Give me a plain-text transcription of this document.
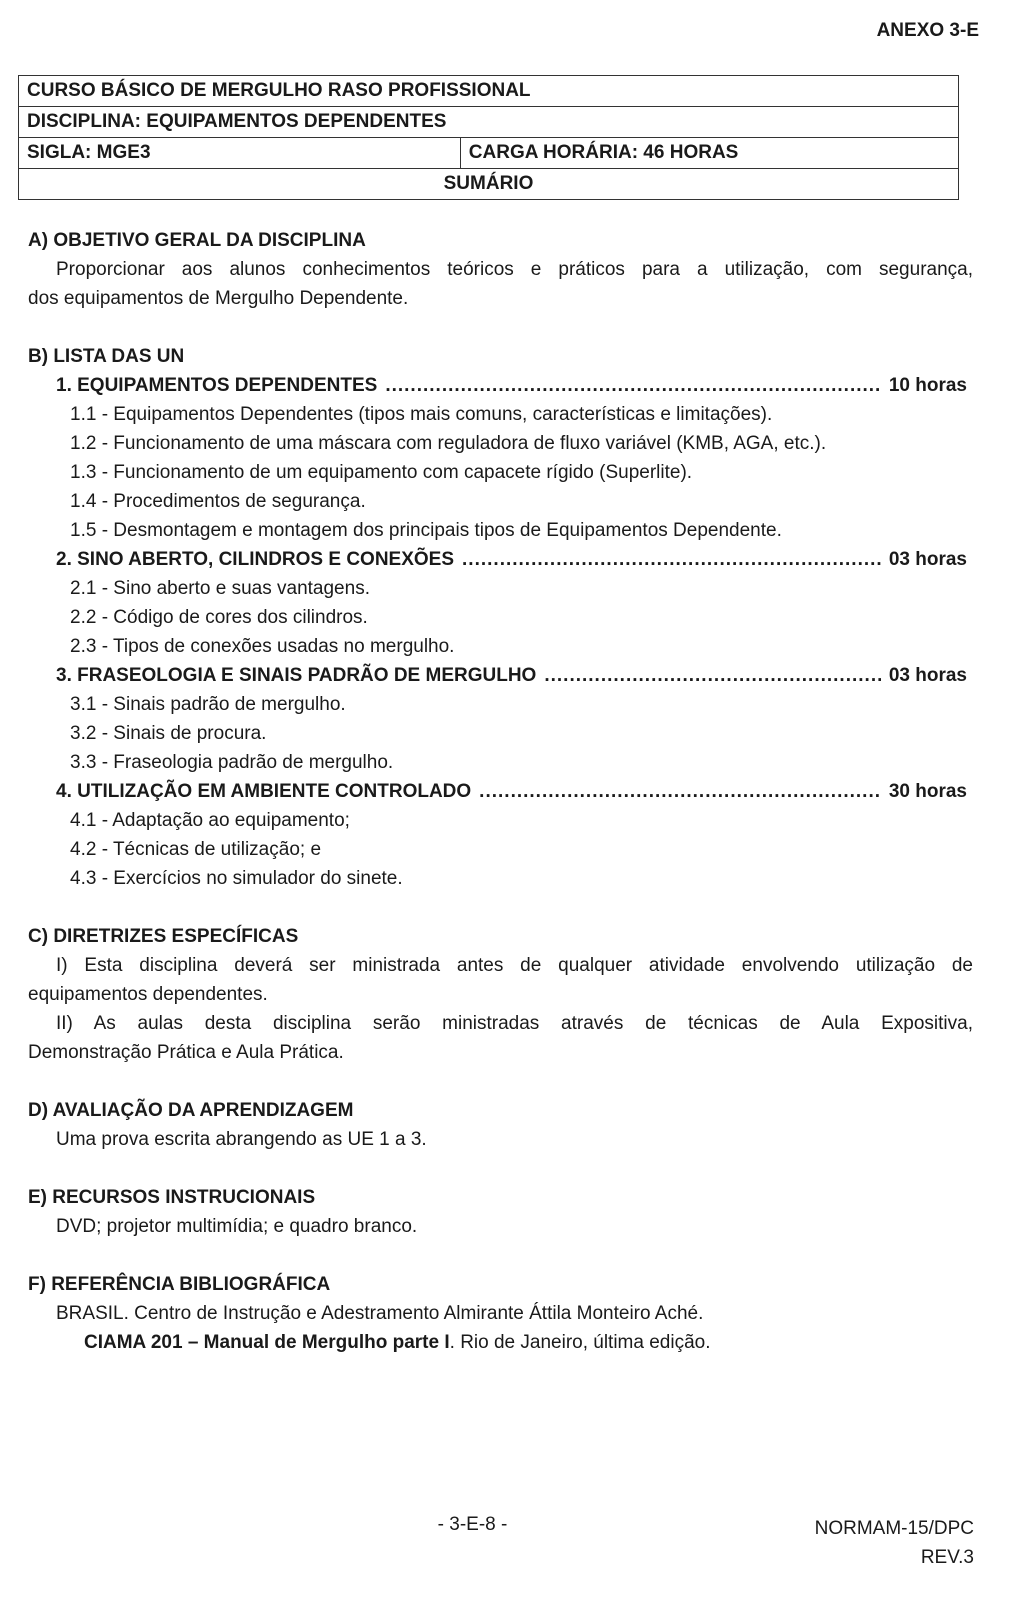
ANEXO 3-E
CURSO BÁSICO DE MERGULHO RASO PROFISSIONAL
DISCIPLINA: EQUIPAMENTOS DEPENDENTES
SIGLA: MGE3	CARGA HORÁRIA: 46 HORAS
SUMÁRIO
A) OBJETIVO GERAL DA DISCIPLINA
Proporcionar aos alunos conhecimentos teóricos e práticos para a utilização, com segurança,
dos equipamentos de Mergulho Dependente.
B) LISTA DAS UN
1. EQUIPAMENTOS DEPENDENTES .....	10 horas
1.1 - Equipamentos Dependentes (tipos mais comuns, características e limitações).
1.2 - Funcionamento de uma máscara com reguladora de fluxo variável (KMB, AGA, etc.).
1.3 - Funcionamento de um equipamento com capacete rígido (Superlite).
1.4 - Procedimentos de segurança.
1.5 - Desmontagem e montagem dos principais tipos de Equipamentos Dependente.
2. SINO ABERTO, CILINDROS E CONEXÕES .....	03 horas
2.1 - Sino aberto e suas vantagens.
2.2 - Código de cores dos cilindros.
2.3 - Tipos de conexões usadas no mergulho.
3. FRASEOLOGIA E SINAIS PADRÃO DE MERGULHO .....	03 horas
3.1 - Sinais padrão de mergulho.
3.2 - Sinais de procura.
3.3 - Fraseologia padrão de mergulho.
4. UTILIZAÇÃO EM AMBIENTE CONTROLADO .....	30 horas
4.1 - Adaptação ao equipamento;
4.2 - Técnicas de utilização; e
4.3 - Exercícios no simulador do sinete.
C) DIRETRIZES ESPECÍFICAS
I) Esta disciplina deverá ser ministrada antes de qualquer atividade envolvendo utilização de
equipamentos dependentes.
II) As aulas desta disciplina serão ministradas através de técnicas de Aula Expositiva,
Demonstração Prática e Aula Prática.
D) AVALIAÇÃO DA APRENDIZAGEM
Uma prova escrita abrangendo as UE 1 a 3.
E) RECURSOS INSTRUCIONAIS
DVD; projetor multimídia; e quadro branco.
F) REFERÊNCIA BIBLIOGRÁFICA
BRASIL. Centro de Instrução e Adestramento Almirante Áttila Monteiro Aché.
CIAMA 201 – Manual de Mergulho parte I. Rio de Janeiro, última edição.
- 3-E-8 -	NORMAM-15/DPC
REV.3
